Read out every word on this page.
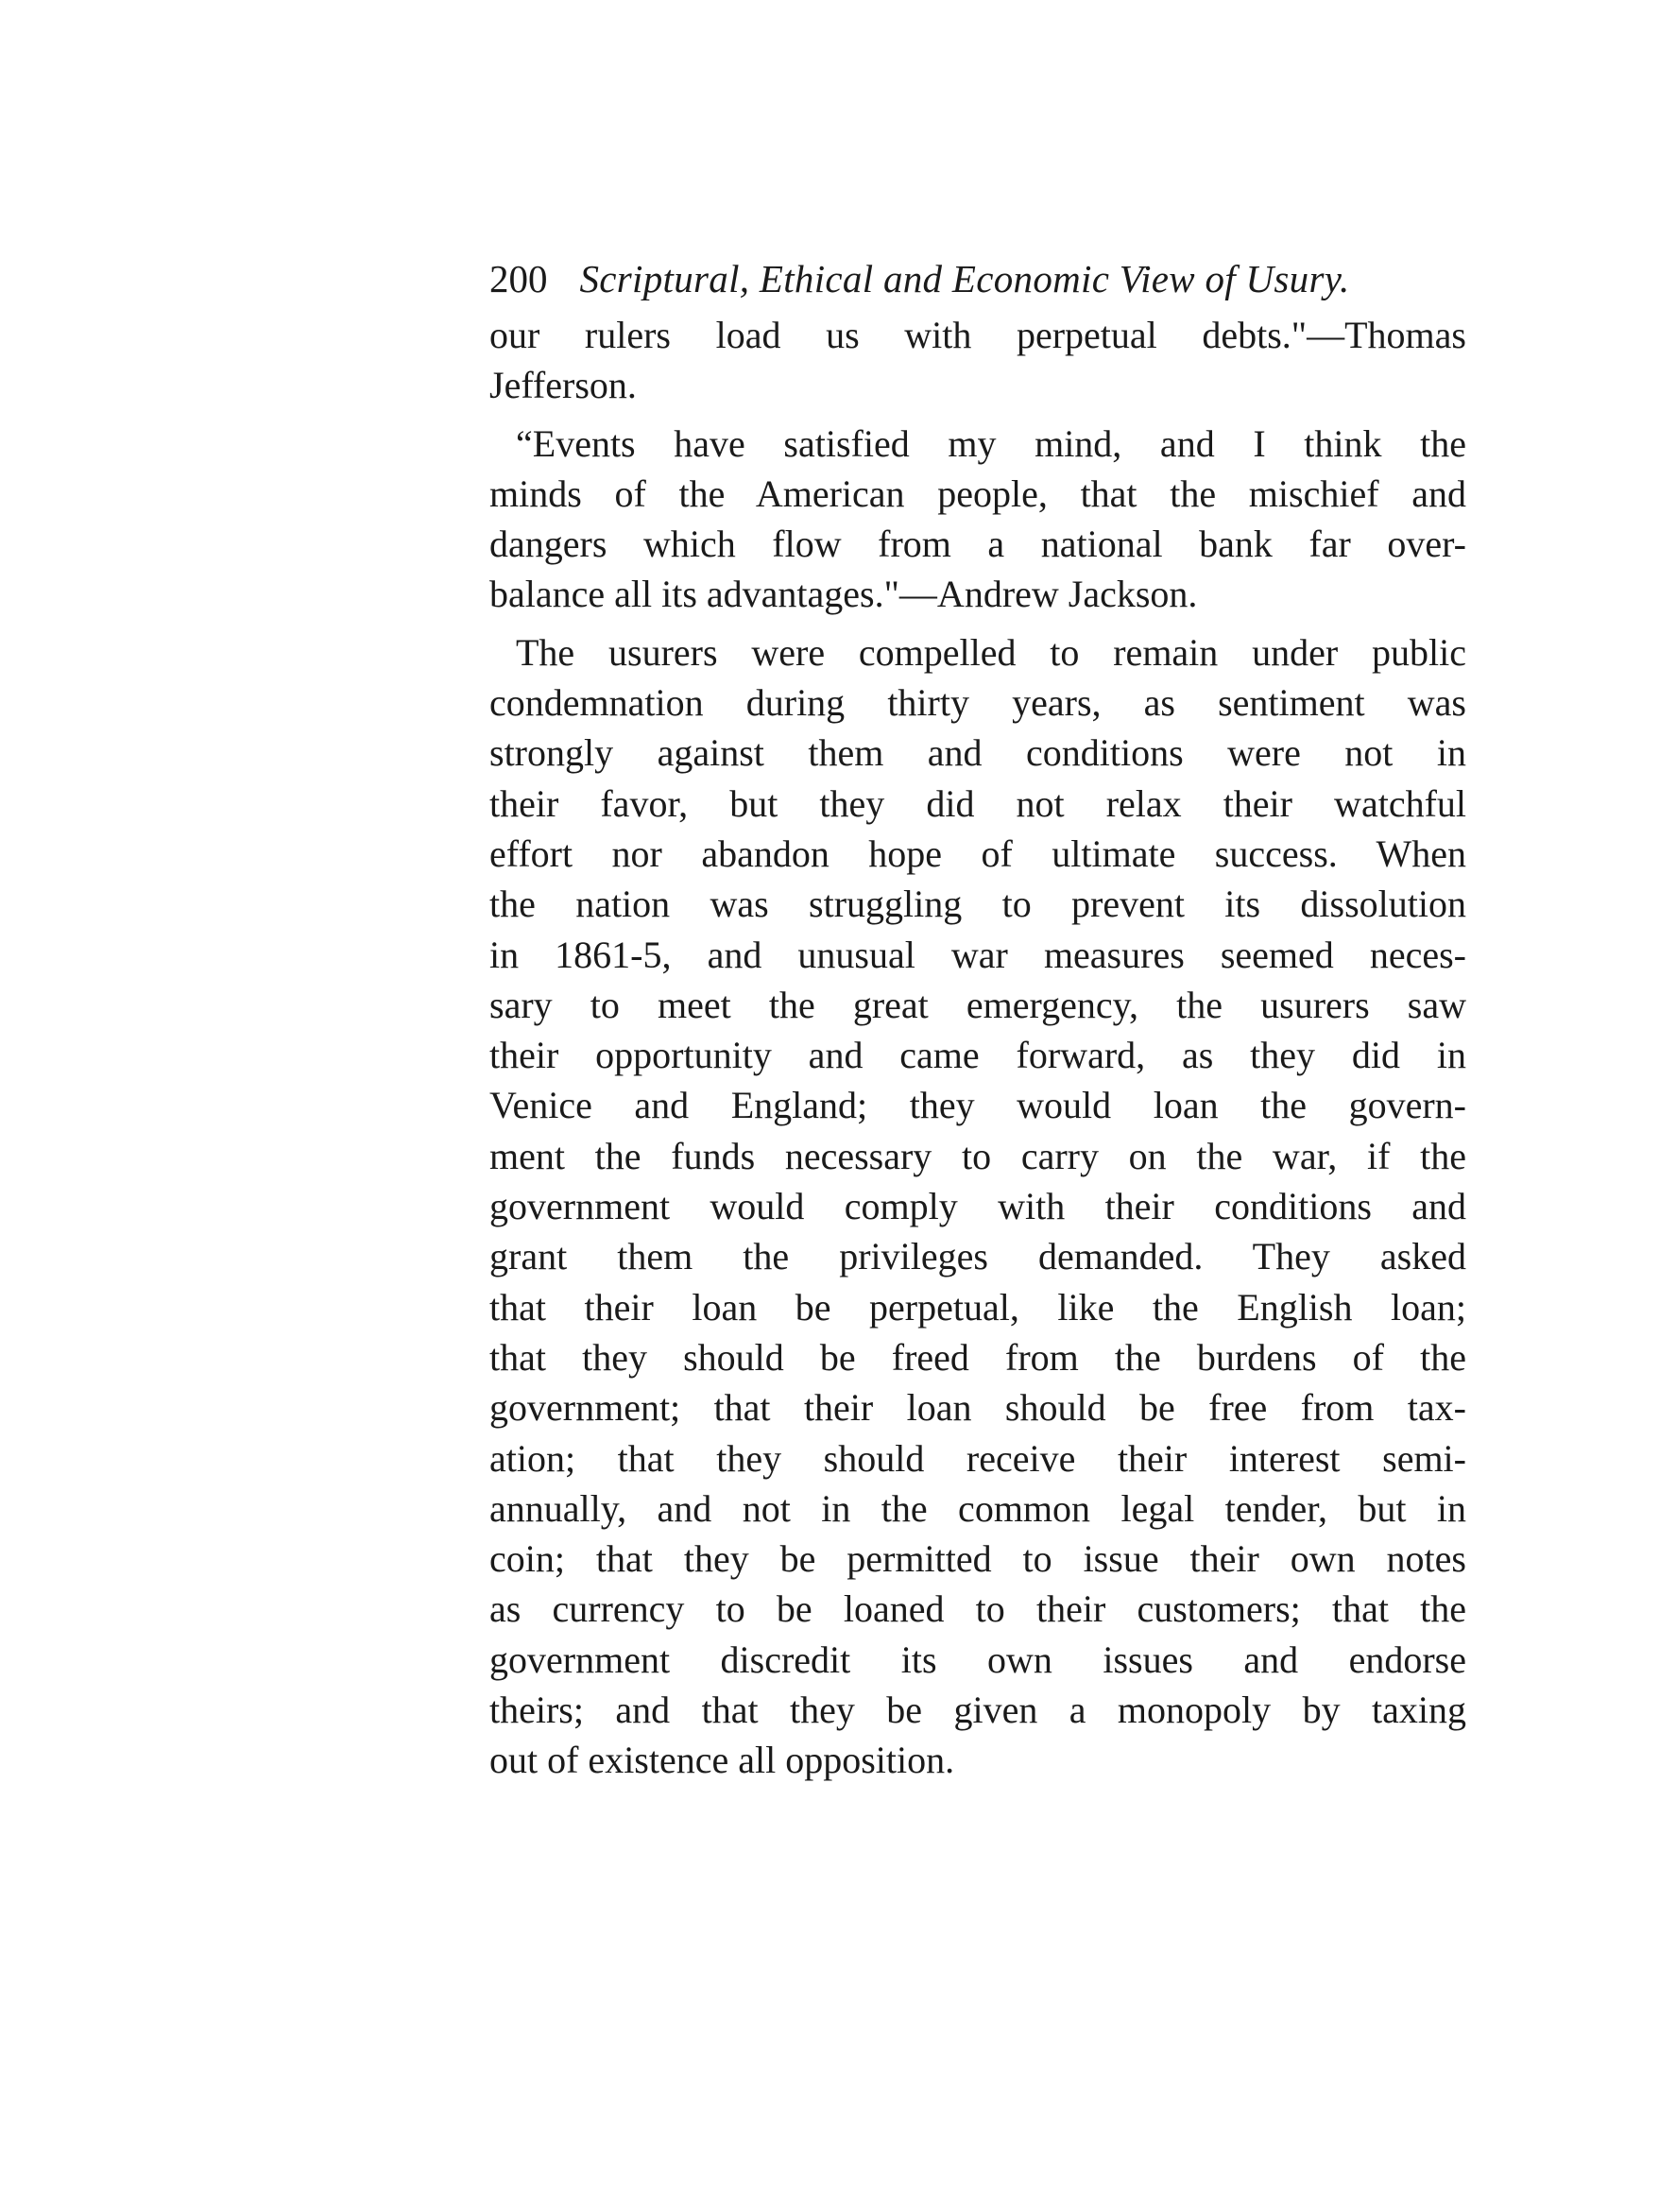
200 Scriptural, Ethical and Economic View of Usury.
our rulers load us with perpetual debts."—Thomas
Jefferson.
“Events have satisfied my mind, and I think the
minds of the American people, that the mischief and
dangers which flow from a national bank far over-
balance all its advantages."—Andrew Jackson.
The usurers were compelled to remain under public
condemnation during thirty years, as sentiment was
strongly against them and conditions were not in
their favor, but they did not relax their watchful
effort nor abandon hope of ultimate success. When
the nation was struggling to prevent its dissolution
in 1861-5, and unusual war measures seemed neces-
sary to meet the great emergency, the usurers saw
their opportunity and came forward, as they did in
Venice and England; they would loan the govern-
ment the funds necessary to carry on the war, if the
government would comply with their conditions and
grant them the privileges demanded. They asked
that their loan be perpetual, like the English loan;
that they should be freed from the burdens of the
government; that their loan should be free from tax-
ation; that they should receive their interest semi-
annually, and not in the common legal tender, but in
coin; that they be permitted to issue their own notes
as currency to be loaned to their customers; that the
government discredit its own issues and endorse
theirs; and that they be given a monopoly by taxing
out of existence all opposition.
